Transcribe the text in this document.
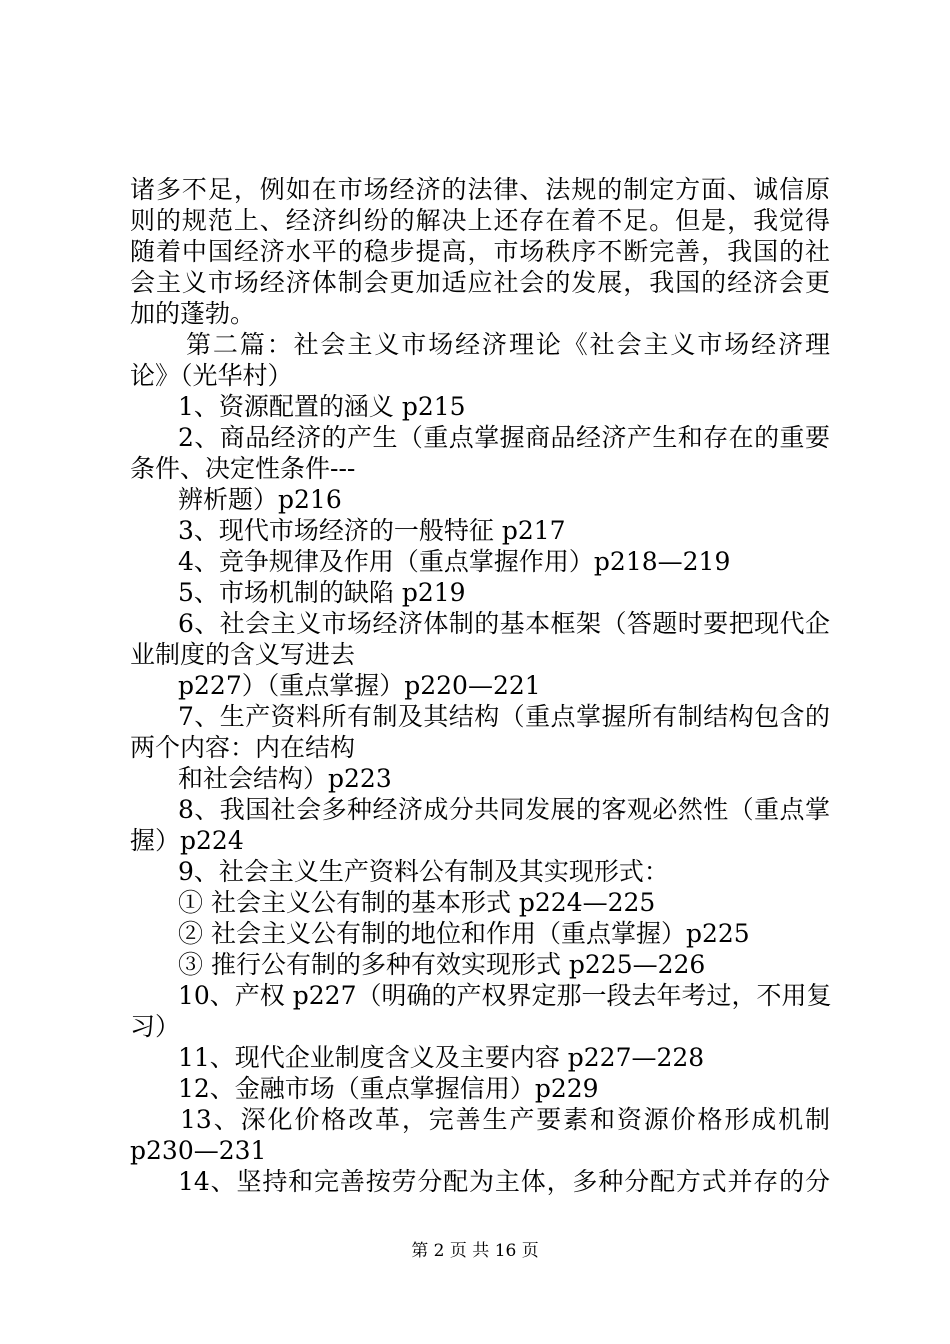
诸多不足，例如在市场经济的法律、法规的制定方面、诚信原
则的规范上、经济纠纷的解决上还存在着不足。但是，我觉得
随着中国经济水平的稳步提高，市场秩序不断完善，我国的社
会主义市场经济体制会更加适应社会的发展，我国的经济会更
加的蓬勃。
第二篇：社会主义市场经济理论《社会主义市场经济理
论》（光华村）
1、资源配置的涵义 p215
2、商品经济的产生（重点掌握商品经济产生和存在的重要
条件、决定性条件---
辨析题）p216
3、现代市场经济的一般特征 p217
4、竞争规律及作用（重点掌握作用）p218—219
5、市场机制的缺陷 p219
6、社会主义市场经济体制的基本框架（答题时要把现代企
业制度的含义写进去
p227）（重点掌握）p220—221
7、生产资料所有制及其结构（重点掌握所有制结构包含的
两个内容：内在结构
和社会结构）p223
8、我国社会多种经济成分共同发展的客观必然性（重点掌
握）p224
9、社会主义生产资料公有制及其实现形式：
① 社会主义公有制的基本形式 p224—225
② 社会主义公有制的地位和作用（重点掌握）p225
③ 推行公有制的多种有效实现形式 p225—226
10、产权 p227（明确的产权界定那一段去年考过，不用复
习）
11、现代企业制度含义及主要内容 p227—228
12、金融市场（重点掌握信用）p229
13、深化价格改革，完善生产要素和资源价格形成机制
p230—231
14、坚持和完善按劳分配为主体，多种分配方式并存的分
第 2 页 共 16 页
